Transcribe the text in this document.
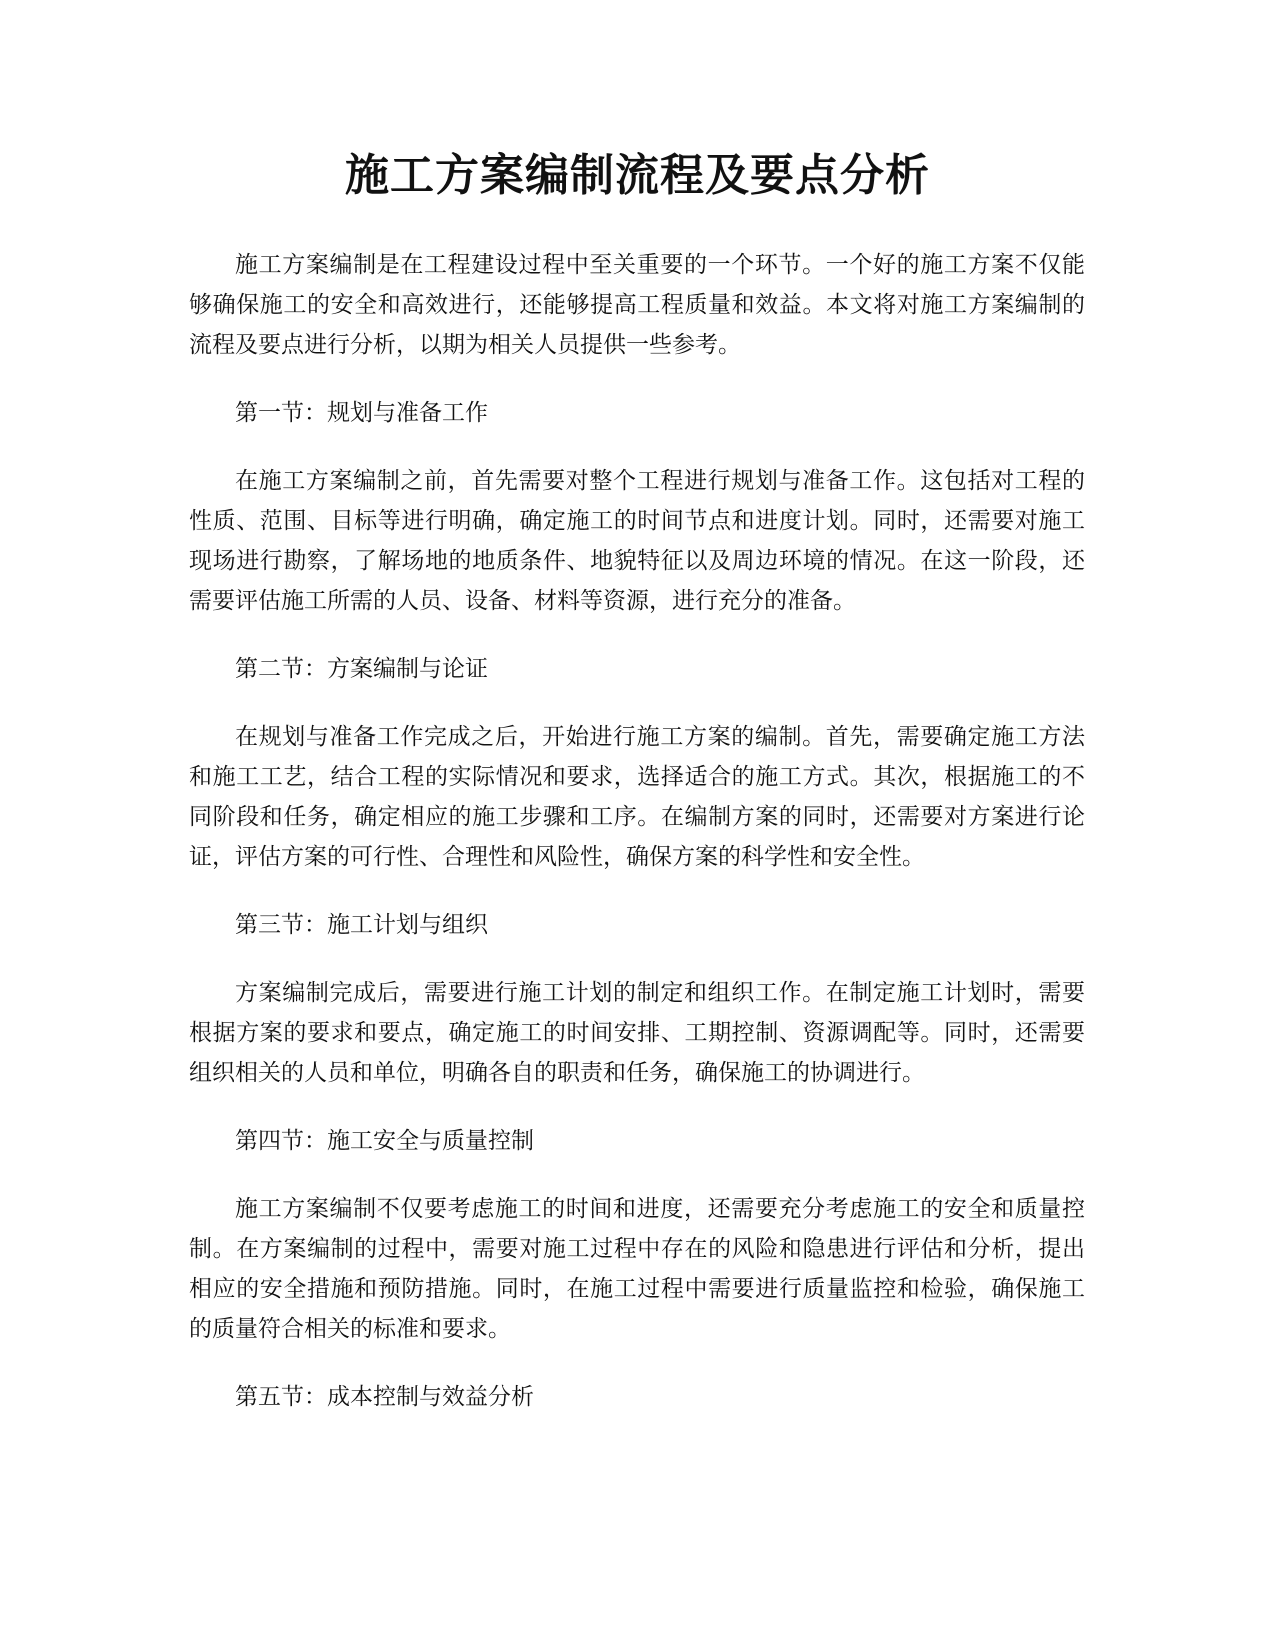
施工方案编制流程及要点分析

施工方案编制是在工程建设过程中至关重要的一个环节。一个好的施工方案不仅能够确保施工的安全和高效进行，还能够提高工程质量和效益。本文将对施工方案编制的流程及要点进行分析，以期为相关人员提供一些参考。

第一节：规划与准备工作

在施工方案编制之前，首先需要对整个工程进行规划与准备工作。这包括对工程的性质、范围、目标等进行明确，确定施工的时间节点和进度计划。同时，还需要对施工现场进行勘察，了解场地的地质条件、地貌特征以及周边环境的情况。在这一阶段，还需要评估施工所需的人员、设备、材料等资源，进行充分的准备。

第二节：方案编制与论证

在规划与准备工作完成之后，开始进行施工方案的编制。首先，需要确定施工方法和施工工艺，结合工程的实际情况和要求，选择适合的施工方式。其次，根据施工的不同阶段和任务，确定相应的施工步骤和工序。在编制方案的同时，还需要对方案进行论证，评估方案的可行性、合理性和风险性，确保方案的科学性和安全性。

第三节：施工计划与组织

方案编制完成后，需要进行施工计划的制定和组织工作。在制定施工计划时，需要根据方案的要求和要点，确定施工的时间安排、工期控制、资源调配等。同时，还需要组织相关的人员和单位，明确各自的职责和任务，确保施工的协调进行。

第四节：施工安全与质量控制

施工方案编制不仅要考虑施工的时间和进度，还需要充分考虑施工的安全和质量控制。在方案编制的过程中，需要对施工过程中存在的风险和隐患进行评估和分析，提出相应的安全措施和预防措施。同时，在施工过程中需要进行质量监控和检验，确保施工的质量符合相关的标准和要求。

第五节：成本控制与效益分析
